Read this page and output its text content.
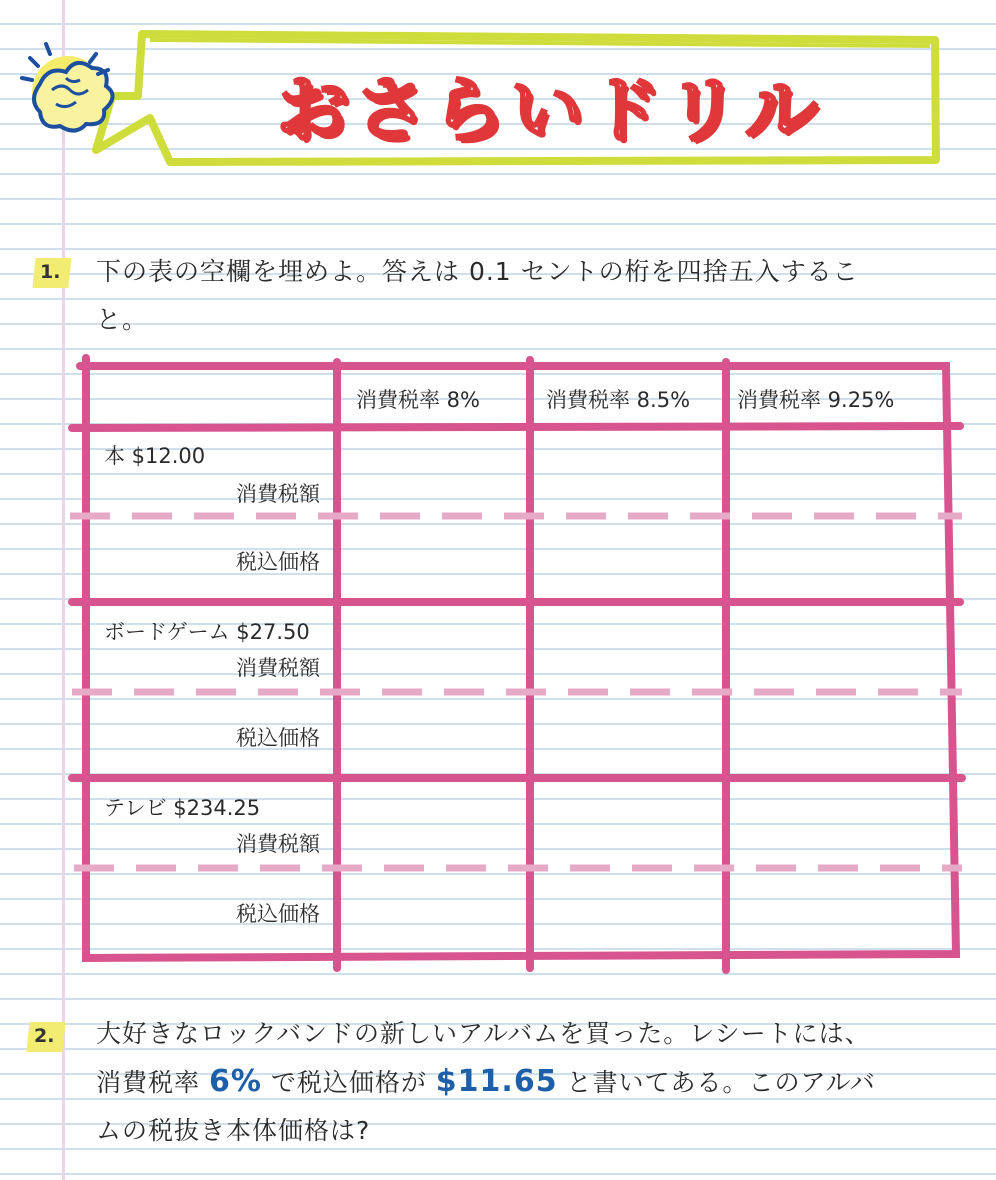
おさらいドリル
1. 下の表の空欄を埋めよ。答えは 0.1 セントの桁を四捨五入するこ
と。
消費税率 8%	消費税率 8.5% 消費税率 9.25%
本 $12.00
消費税額
税込価格
ボードゲーム $27.50
消費税額
税込価格
テレビ $234.25
消費税額
税込価格
2. 大好きなロックバンドの新しいアルバムを買った。レシートには、
消費税率 6% で税込価格が $11.65 と書いてある。このアルバ
ムの税抜き本体価格は?
